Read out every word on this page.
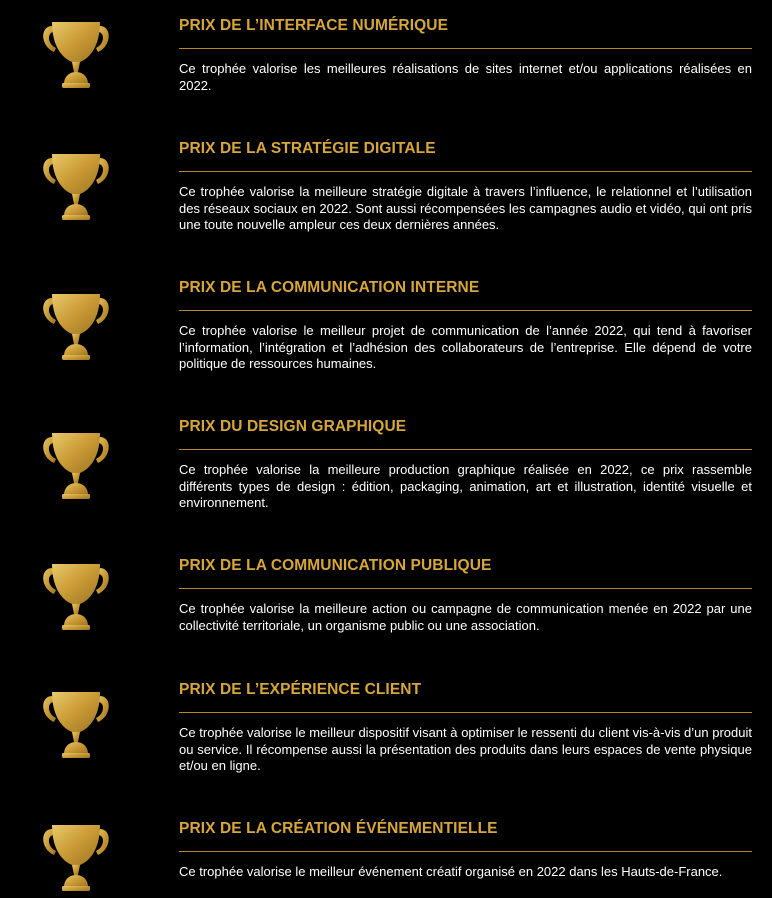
PRIX DE L’INTERFACE NUMÉRIQUE

Ce trophée valorise les meilleures réalisations de sites internet et/ou applications réalisées en 2022.

PRIX DE LA STRATÉGIE DIGITALE

Ce trophée valorise la meilleure stratégie digitale à travers l’influence, le relationnel et l’utilisation des réseaux sociaux en 2022. Sont aussi récompensées les campagnes audio et vidéo, qui ont pris une toute nouvelle ampleur ces deux dernières années.

PRIX DE LA COMMUNICATION INTERNE

Ce trophée valorise le meilleur projet de communication de l’année 2022, qui tend à favoriser l’information, l’intégration et l’adhésion des collaborateurs de l’entreprise. Elle dépend de votre politique de ressources humaines.

PRIX DU DESIGN GRAPHIQUE

Ce trophée valorise la meilleure production graphique réalisée en 2022, ce prix rassemble différents types de design : édition, packaging, animation, art et illustration, identité visuelle et environnement.

PRIX DE LA COMMUNICATION PUBLIQUE

Ce trophée valorise la meilleure action ou campagne de communication menée en 2022 par une collectivité territoriale, un organisme public ou une association.

PRIX DE L’EXPÉRIENCE CLIENT

Ce trophée valorise le meilleur dispositif visant à optimiser le ressenti du client vis-à-vis d’un produit ou service. Il récompense aussi la présentation des produits dans leurs espaces de vente physique et/ou en ligne.

PRIX DE LA CRÉATION ÉVÉNEMENTIELLE

Ce trophée valorise le meilleur événement créatif organisé en 2022 dans les Hauts-de-France.
